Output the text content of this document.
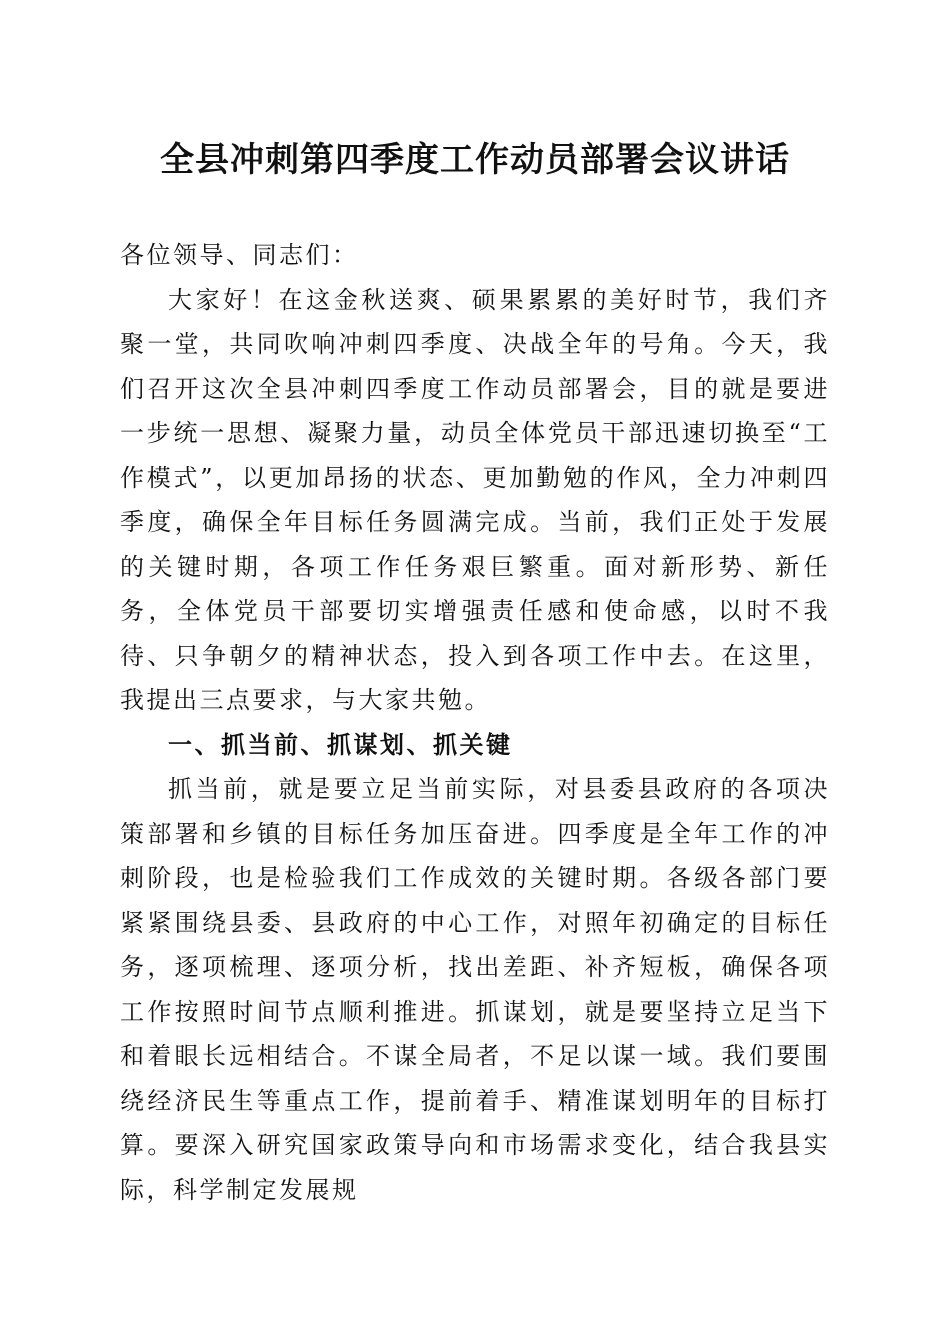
全县冲刺第四季度工作动员部署会议讲话

各位领导、同志们：

大家好！在这金秋送爽、硕果累累的美好时节，我们齐聚一堂，共同吹响冲刺四季度、决战全年的号角。今天，我们召开这次全县冲刺四季度工作动员部署会，目的就是要进一步统一思想、凝聚力量，动员全体党员干部迅速切换至“工作模式”，以更加昂扬的状态、更加勤勉的作风，全力冲刺四季度，确保全年目标任务圆满完成。当前，我们正处于发展的关键时期，各项工作任务艰巨繁重。面对新形势、新任务，全体党员干部要切实增强责任感和使命感，以时不我待、只争朝夕的精神状态，投入到各项工作中去。在这里，我提出三点要求，与大家共勉。

一、抓当前、抓谋划、抓关键

抓当前，就是要立足当前实际，对县委县政府的各项决策部署和乡镇的目标任务加压奋进。四季度是全年工作的冲刺阶段，也是检验我们工作成效的关键时期。各级各部门要紧紧围绕县委、县政府的中心工作，对照年初确定的目标任务，逐项梳理、逐项分析，找出差距、补齐短板，确保各项工作按照时间节点顺利推进。抓谋划，就是要坚持立足当下和着眼长远相结合。不谋全局者，不足以谋一域。我们要围绕经济民生等重点工作，提前着手、精准谋划明年的目标打算。要深入研究国家政策导向和市场需求变化，结合我县实际，科学制定发展规
